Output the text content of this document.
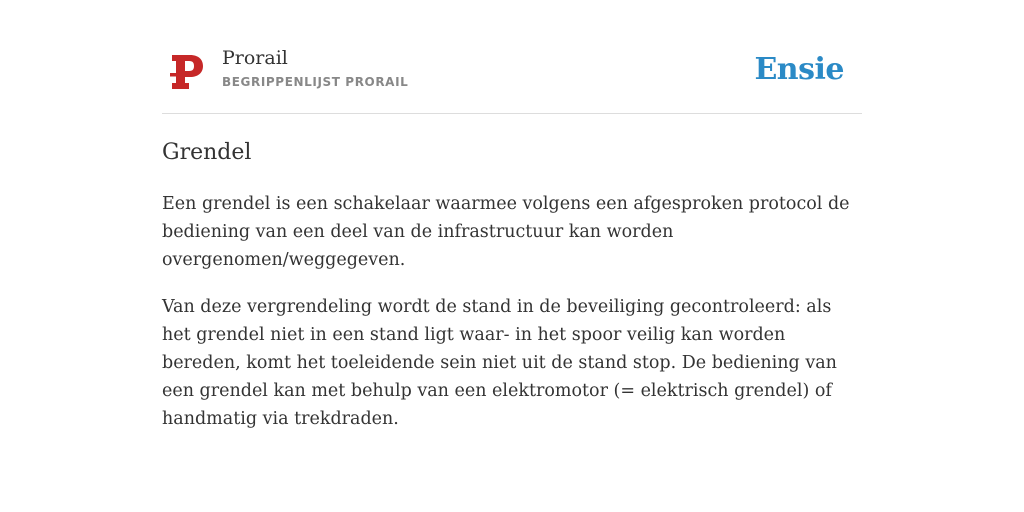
Prorail
BEGRIPPENLIJST PRORAIL	Ensie
Grendel

Een grendel is een schakelaar waarmee volgens een afgesproken protocol de bediening van een deel van de infrastructuur kan worden overgenomen/weggegeven.

Van deze vergrendeling wordt de stand in de beveiliging gecontroleerd: als het grendel niet in een stand ligt waar- in het spoor veilig kan worden bereden, komt het toeleidende sein niet uit de stand stop. De bediening van een grendel kan met behulp van een elektromotor (= elektrisch grendel) of handmatig via trekdraden.
